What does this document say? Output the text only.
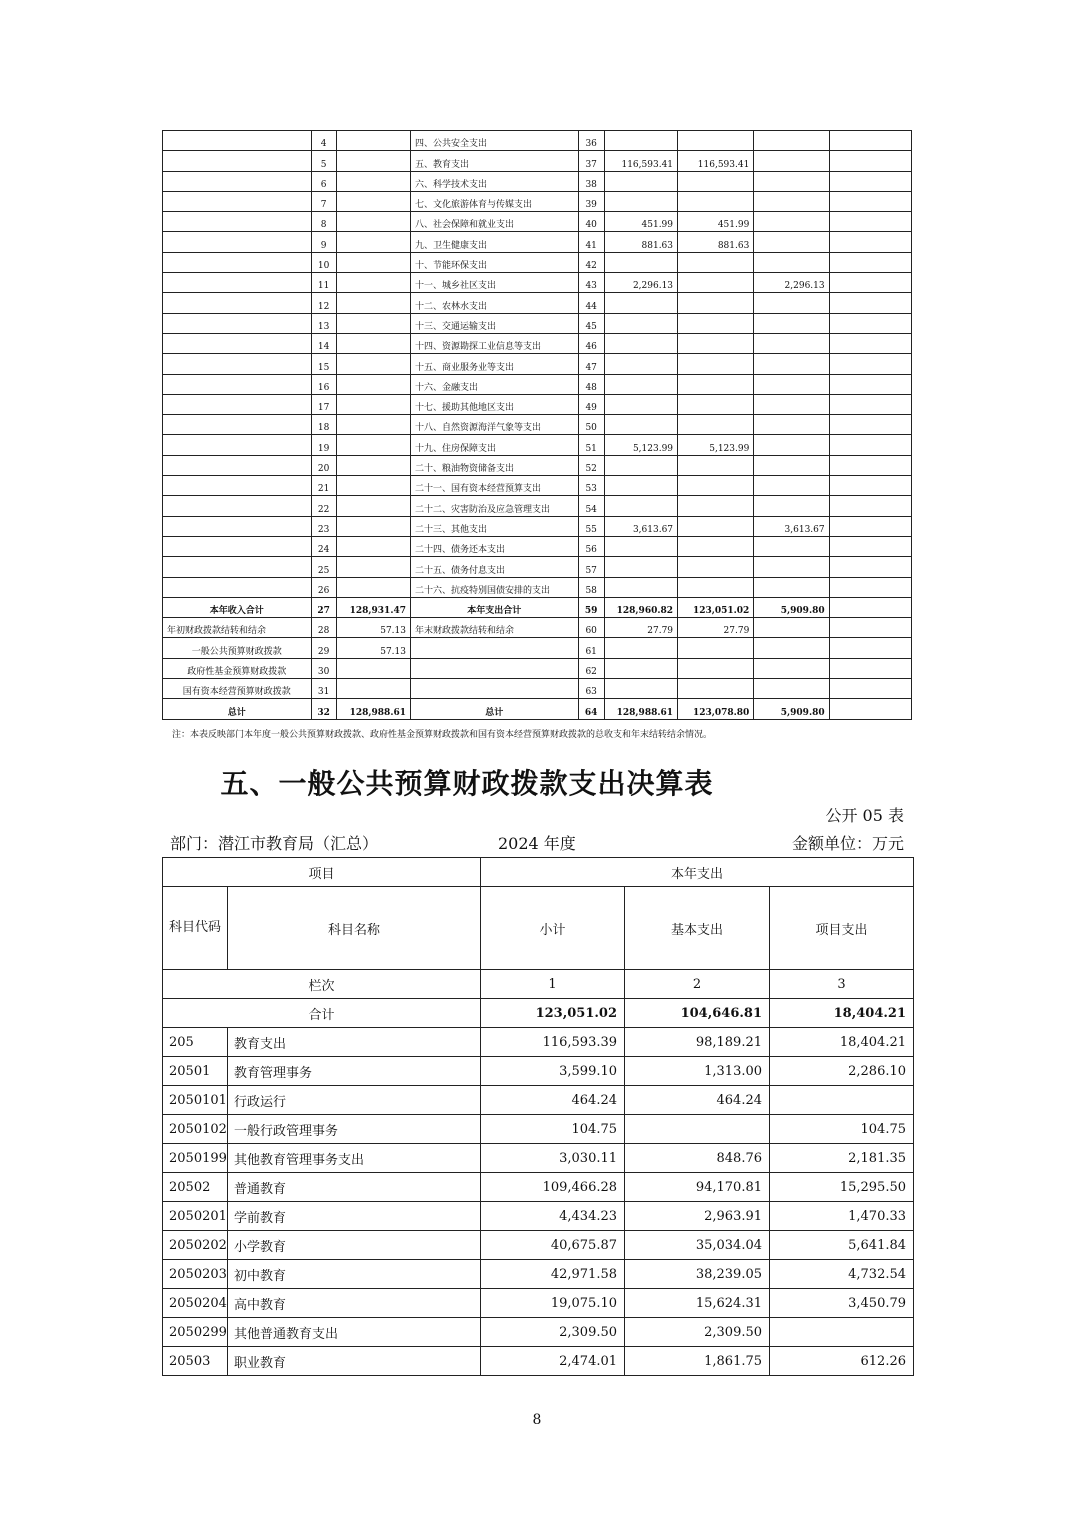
	4		四、公共安全支出	36				
	5		五、教育支出	37	116,593.41	116,593.41		
	6		六、科学技术支出	38				
	7		七、文化旅游体育与传媒支出	39				
	8		八、社会保障和就业支出	40	451.99	451.99		
	9		九、卫生健康支出	41	881.63	881.63		
	10		十、节能环保支出	42				
	11		十一、城乡社区支出	43	2,296.13		2,296.13	
	12		十二、农林水支出	44				
	13		十三、交通运输支出	45				
	14		十四、资源勘探工业信息等支出	46				
	15		十五、商业服务业等支出	47				
	16		十六、金融支出	48				
	17		十七、援助其他地区支出	49				
	18		十八、自然资源海洋气象等支出	50				
	19		十九、住房保障支出	51	5,123.99	5,123.99		
	20		二十、粮油物资储备支出	52				
	21		二十一、国有资本经营预算支出	53				
	22		二十二、灾害防治及应急管理支出	54				
	23		二十三、其他支出	55	3,613.67		3,613.67	
	24		二十四、债务还本支出	56				
	25		二十五、债务付息支出	57				
	26		二十六、抗疫特别国债安排的支出	58				
本年收入合计	27	128,931.47	本年支出合计	59	128,960.82	123,051.02	5,909.80	
年初财政拨款结转和结余	28	57.13	年末财政拨款结转和结余	60	27.79	27.79		
一般公共预算财政拨款	29	57.13		61				
政府性基金预算财政拨款	30			62				
国有资本经营预算财政拨款	31			63				
总计	32	128,988.61	总计	64	128,988.61	123,078.80	5,909.80	
注：本表反映部门本年度一般公共预算财政拨款、政府性基金预算财政拨款和国有资本经营预算财政拨款的总收支和年末结转结余情况。
五、一般公共预算财政拨款支出决算表
公开 05 表
部门：潜江市教育局（汇总）	2024 年度	金额单位：万元
项目		本年支出		
科目代码	科目名称	小计	基本支出	项目支出
栏次		1	2	3
合计		123,051.02	104,646.81	18,404.21
205	教育支出	116,593.39	98,189.21	18,404.21
20501	教育管理事务	3,599.10	1,313.00	2,286.10
2050101	行政运行	464.24	464.24	
2050102	一般行政管理事务	104.75		104.75
2050199	其他教育管理事务支出	3,030.11	848.76	2,181.35
20502	普通教育	109,466.28	94,170.81	15,295.50
2050201	学前教育	4,434.23	2,963.91	1,470.33
2050202	小学教育	40,675.87	35,034.04	5,641.84
2050203	初中教育	42,971.58	38,239.05	4,732.54
2050204	高中教育	19,075.10	15,624.31	3,450.79
2050299	其他普通教育支出	2,309.50	2,309.50	
20503	职业教育	2,474.01	1,861.75	612.26
8
